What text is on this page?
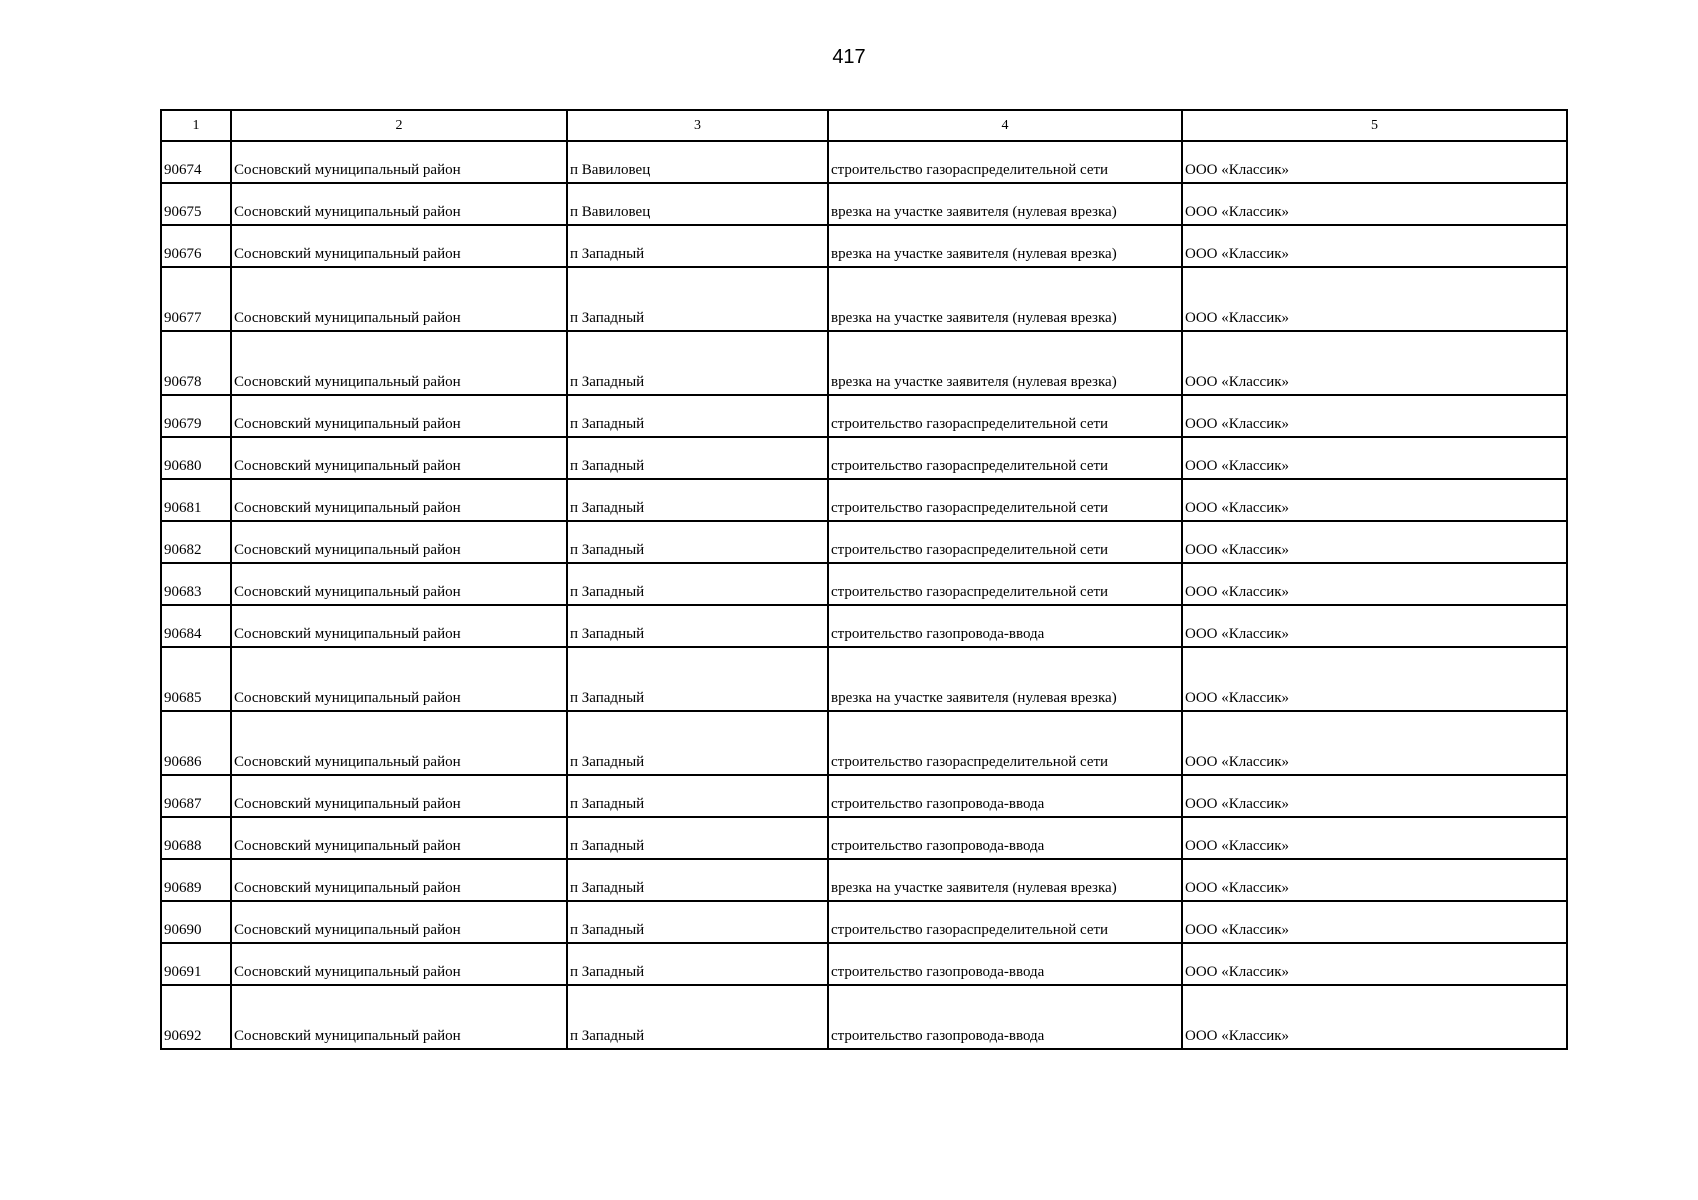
417
1	2	3	4	5
90674	Сосновский муниципальный район	п Вавиловец	строительство газораспределительной сети	ООО «Классик»
90675	Сосновский муниципальный район	п Вавиловец	врезка на участке заявителя (нулевая врезка)	ООО «Классик»
90676	Сосновский муниципальный район	п Западный	врезка на участке заявителя (нулевая врезка)	ООО «Классик»
90677	Сосновский муниципальный район	п Западный	врезка на участке заявителя (нулевая врезка)	ООО «Классик»
90678	Сосновский муниципальный район	п Западный	врезка на участке заявителя (нулевая врезка)	ООО «Классик»
90679	Сосновский муниципальный район	п Западный	строительство газораспределительной сети	ООО «Классик»
90680	Сосновский муниципальный район	п Западный	строительство газораспределительной сети	ООО «Классик»
90681	Сосновский муниципальный район	п Западный	строительство газораспределительной сети	ООО «Классик»
90682	Сосновский муниципальный район	п Западный	строительство газораспределительной сети	ООО «Классик»
90683	Сосновский муниципальный район	п Западный	строительство газораспределительной сети	ООО «Классик»
90684	Сосновский муниципальный район	п Западный	строительство газопровода-ввода	ООО «Классик»
90685	Сосновский муниципальный район	п Западный	врезка на участке заявителя (нулевая врезка)	ООО «Классик»
90686	Сосновский муниципальный район	п Западный	строительство газораспределительной сети	ООО «Классик»
90687	Сосновский муниципальный район	п Западный	строительство газопровода-ввода	ООО «Классик»
90688	Сосновский муниципальный район	п Западный	строительство газопровода-ввода	ООО «Классик»
90689	Сосновский муниципальный район	п Западный	врезка на участке заявителя (нулевая врезка)	ООО «Классик»
90690	Сосновский муниципальный район	п Западный	строительство газораспределительной сети	ООО «Классик»
90691	Сосновский муниципальный район	п Западный	строительство газопровода-ввода	ООО «Классик»
90692	Сосновский муниципальный район	п Западный	строительство газопровода-ввода	ООО «Классик»
